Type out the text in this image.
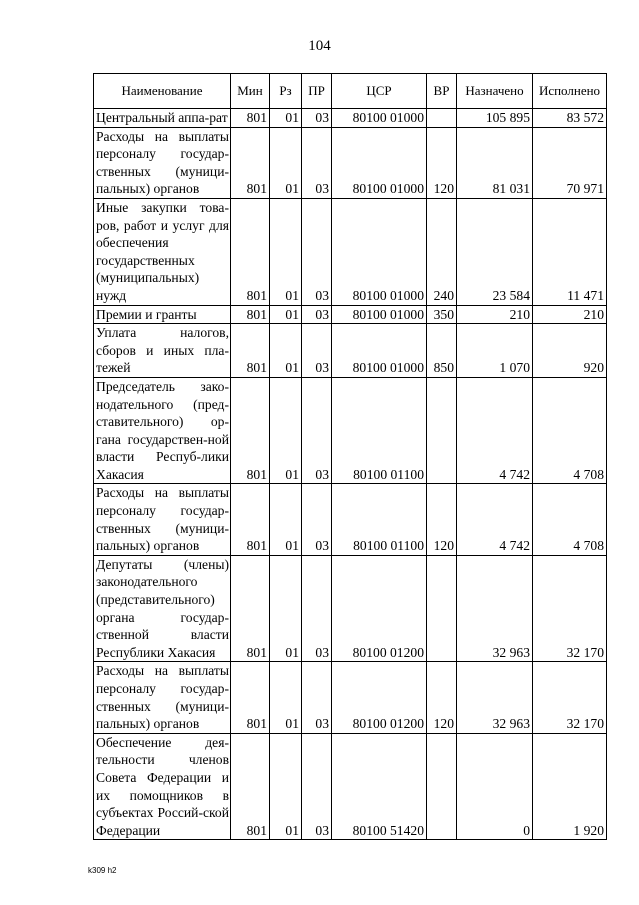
104
Наименование	Мин	Рз	ПР	ЦСР	ВР	Назначено	Исполнено
Центральный аппа-рат	801	01	03	80100 01000		105 895	83 572
Расходы на выплаты персоналу государ-ственных (муници-пальных) органов	801	01	03	80100 01000	120	81 031	70 971
Иные закупки това-ров, работ и услуг для обеспечения государственных (муниципальных) нужд	801	01	03	80100 01000	240	23 584	11 471
Премии и гранты	801	01	03	80100 01000	350	210	210
Уплата налогов, сборов и иных пла-тежей	801	01	03	80100 01000	850	1 070	920
Председатель зако-нодательного (пред-ставительного) ор-гана государствен-ной власти Респуб-лики Хакасия	801	01	03	80100 01100		4 742	4 708
Расходы на выплаты персоналу государ-ственных (муници-пальных) органов	801	01	03	80100 01100	120	4 742	4 708
Депутаты (члены) законодательного (представительного) органа государ-ственной власти Республики Хакасия	801	01	03	80100 01200		32 963	32 170
Расходы на выплаты персоналу государ-ственных (муници-пальных) органов	801	01	03	80100 01200	120	32 963	32 170
Обеспечение дея-тельности членов Совета Федерации и их помощников в субъектах Россий-ской Федерации	801	01	03	80100 51420		0	1 920
k309 h2
